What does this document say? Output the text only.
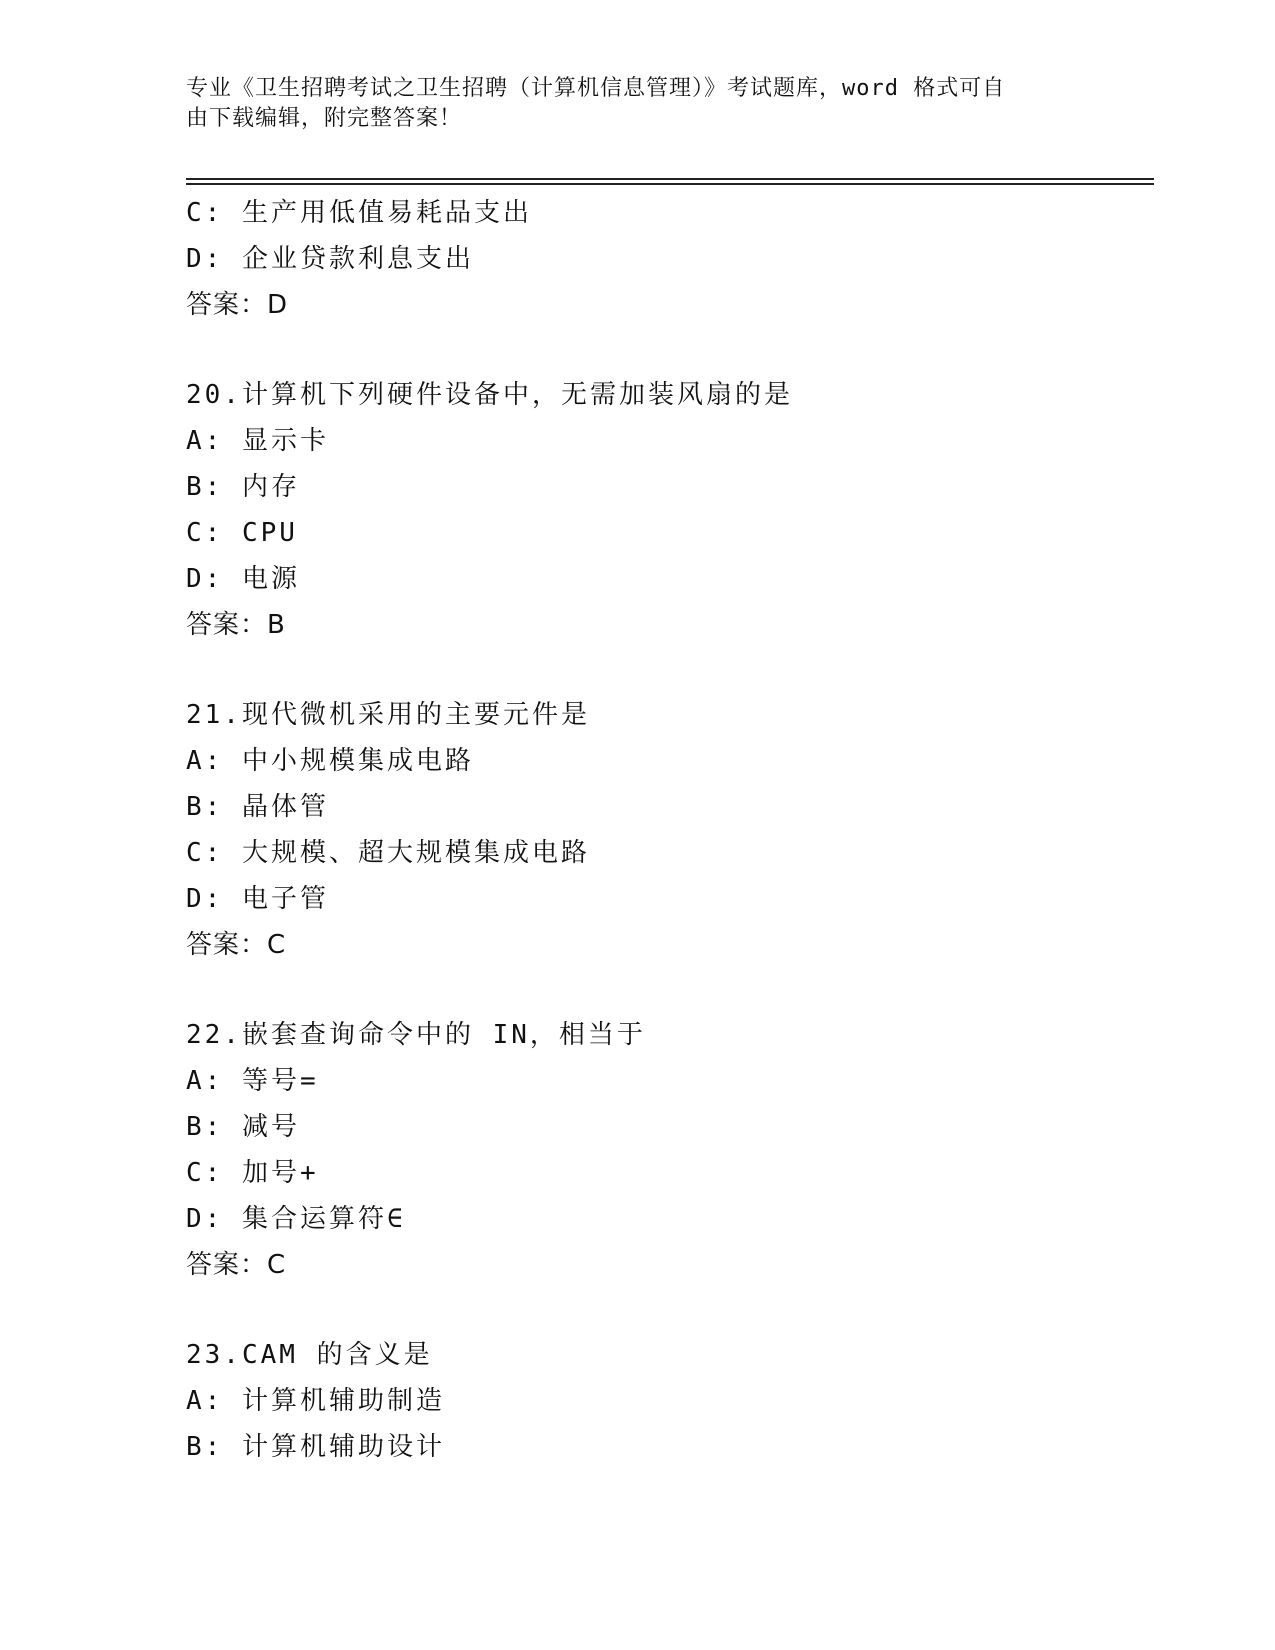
专业《卫生招聘考试之卫生招聘（计算机信息管理）》考试题库，word 格式可自
由下载编辑，附完整答案！
C: 生产用低值易耗品支出
D: 企业贷款利息支出
答案：D
20.计算机下列硬件设备中，无需加装风扇的是
A: 显示卡
B: 内存
C: CPU
D: 电源
答案：B
21.现代微机采用的主要元件是
A: 中小规模集成电路
B: 晶体管
C: 大规模、超大规模集成电路
D: 电子管
答案：C
22.嵌套查询命令中的 IN，相当于
A: 等号=
B: 减号
C: 加号+
D: 集合运算符∈
答案：C
23.CAM 的含义是
A: 计算机辅助制造
B: 计算机辅助设计
